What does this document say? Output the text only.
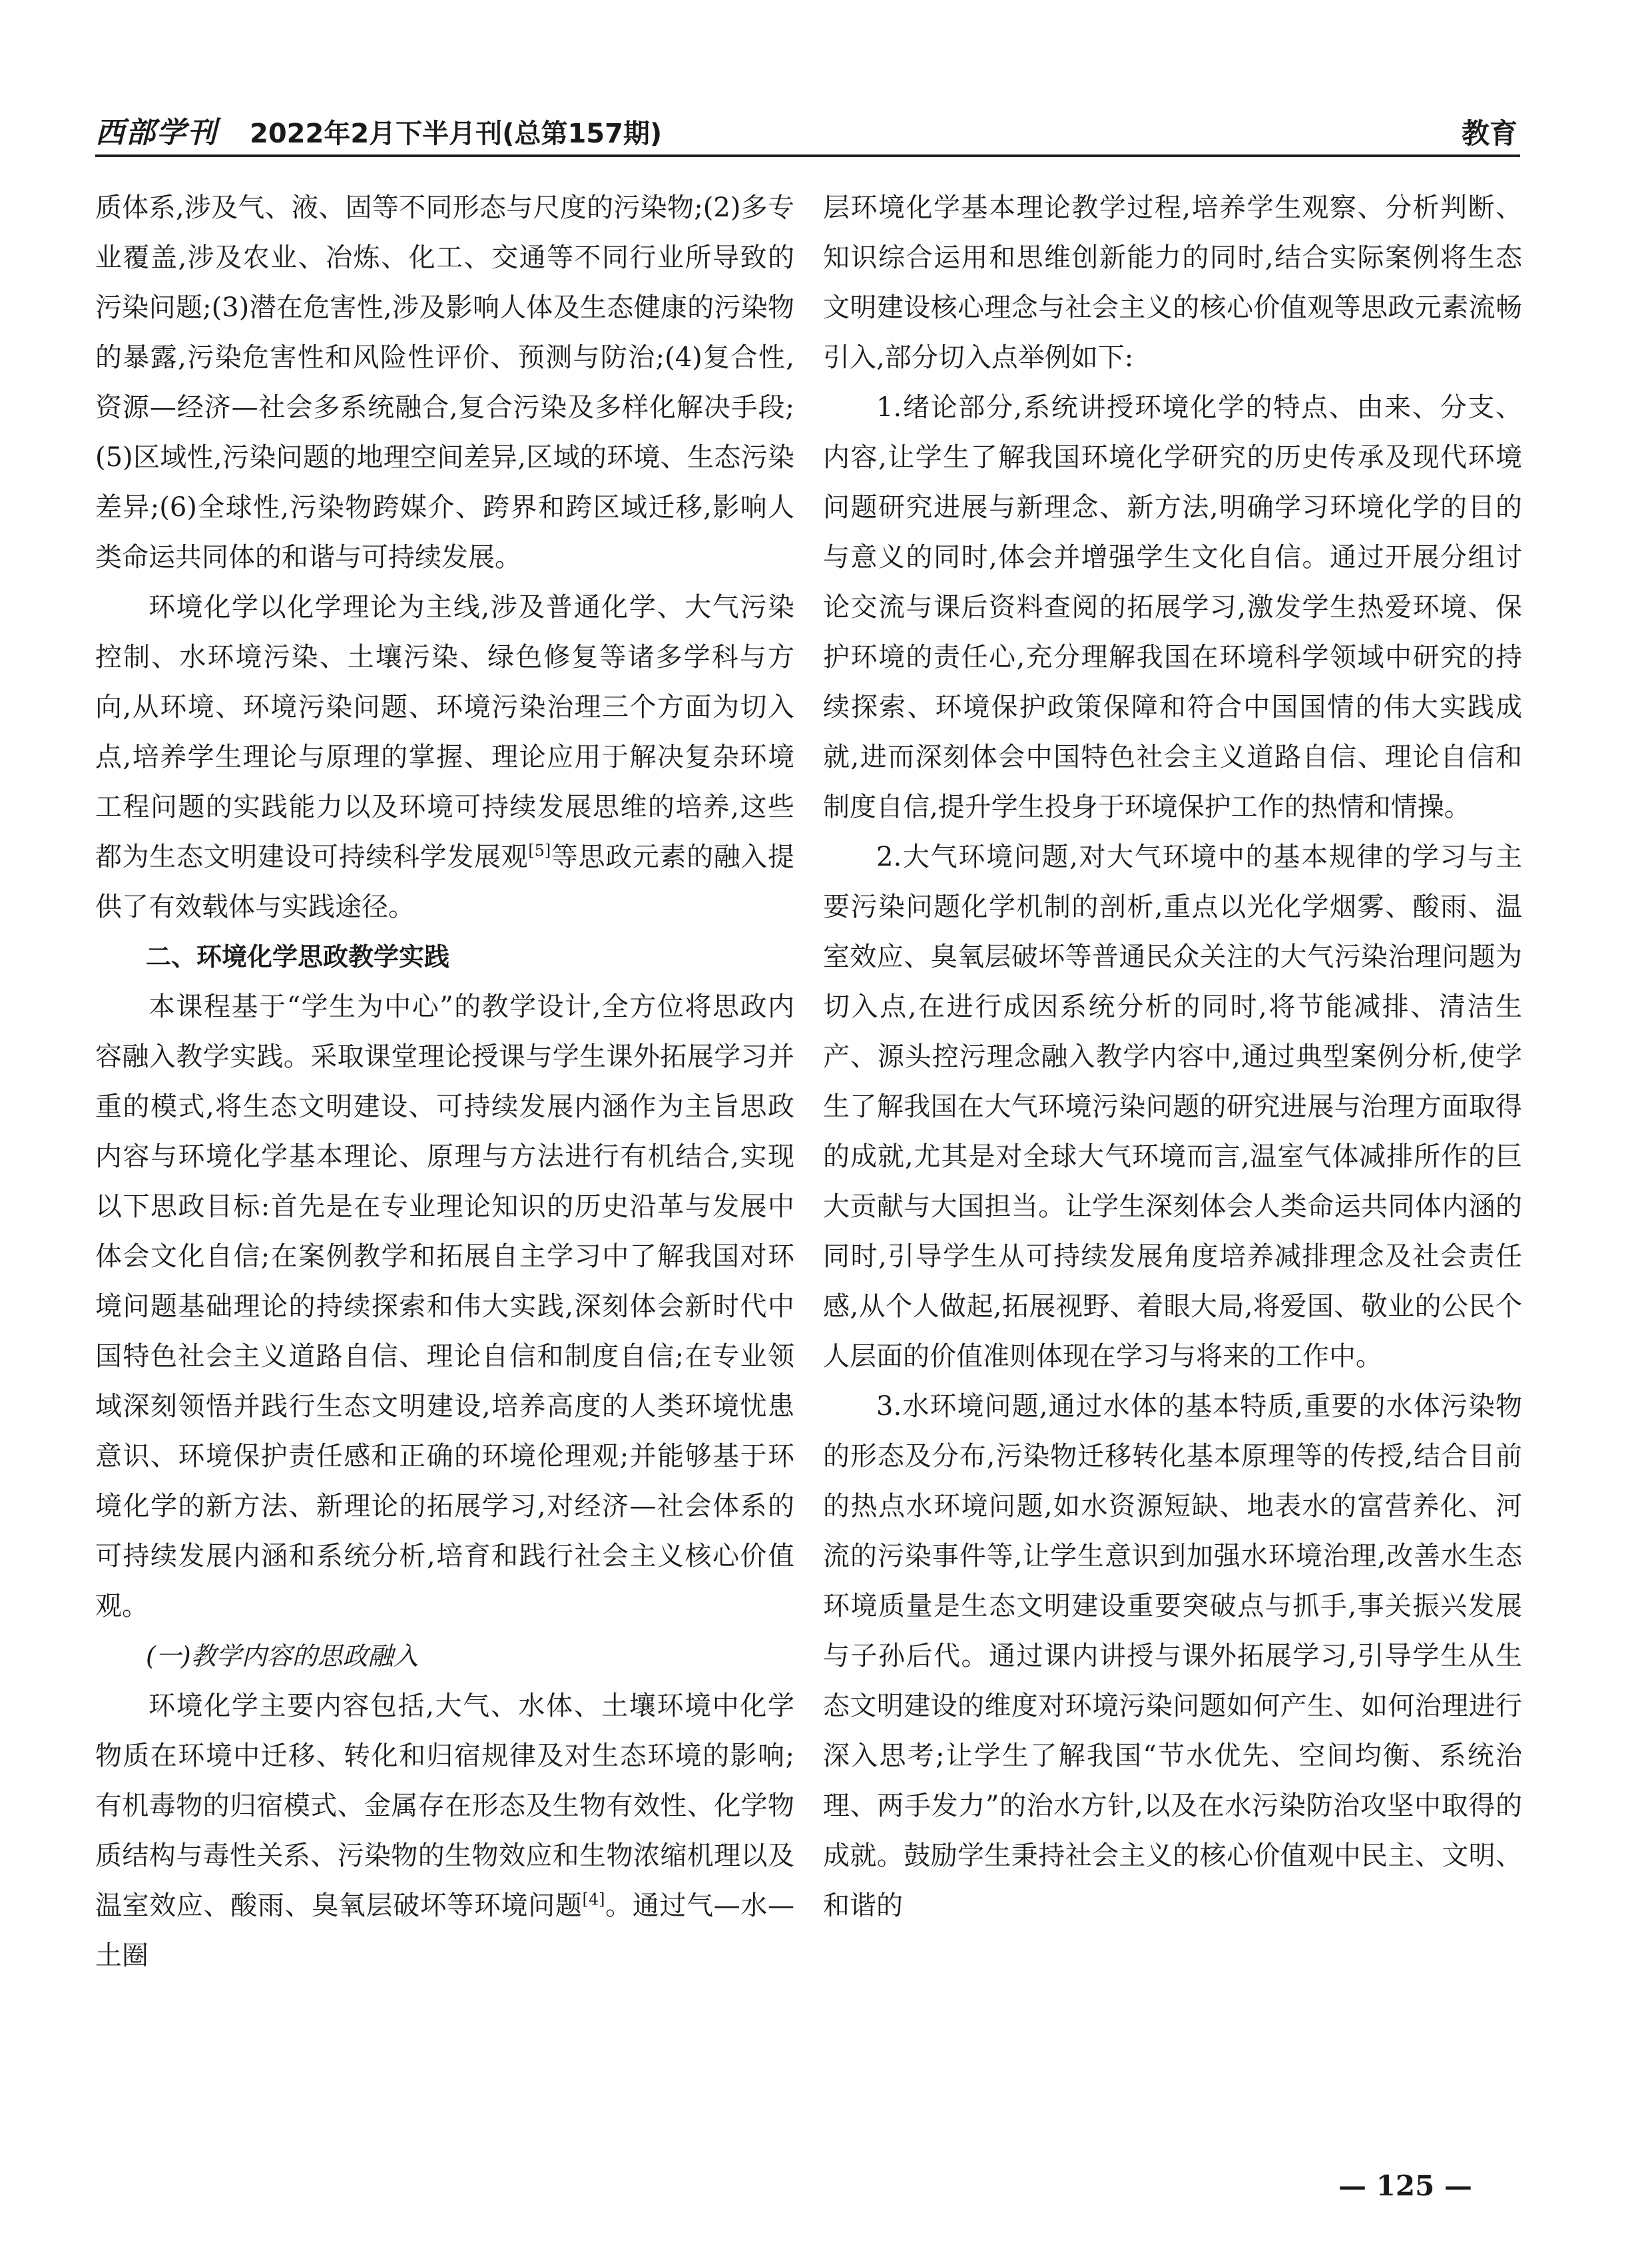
西部学刊 2022年2月下半月刊(总第157期)	教育

质体系,涉及气、液、固等不同形态与尺度的污染物;(2)多专业覆盖,涉及农业、冶炼、化工、交通等不同行业所导致的污染问题;(3)潜在危害性,涉及影响人体及生态健康的污染物的暴露,污染危害性和风险性评价、预测与防治;(4)复合性,资源—经济—社会多系统融合,复合污染及多样化解决手段;(5)区域性,污染问题的地理空间差异,区域的环境、生态污染差异;(6)全球性,污染物跨媒介、跨界和跨区域迁移,影响人类命运共同体的和谐与可持续发展。

环境化学以化学理论为主线,涉及普通化学、大气污染控制、水环境污染、土壤污染、绿色修复等诸多学科与方向,从环境、环境污染问题、环境污染治理三个方面为切入点,培养学生理论与原理的掌握、理论应用于解决复杂环境工程问题的实践能力以及环境可持续发展思维的培养,这些都为生态文明建设可持续科学发展观[5]等思政元素的融入提供了有效载体与实践途径。

二、环境化学思政教学实践

本课程基于“学生为中心”的教学设计,全方位将思政内容融入教学实践。采取课堂理论授课与学生课外拓展学习并重的模式,将生态文明建设、可持续发展内涵作为主旨思政内容与环境化学基本理论、原理与方法进行有机结合,实现以下思政目标:首先是在专业理论知识的历史沿革与发展中体会文化自信;在案例教学和拓展自主学习中了解我国对环境问题基础理论的持续探索和伟大实践,深刻体会新时代中国特色社会主义道路自信、理论自信和制度自信;在专业领域深刻领悟并践行生态文明建设,培养高度的人类环境忧患意识、环境保护责任感和正确的环境伦理观;并能够基于环境化学的新方法、新理论的拓展学习,对经济—社会体系的可持续发展内涵和系统分析,培育和践行社会主义核心价值观。

(一)教学内容的思政融入

环境化学主要内容包括,大气、水体、土壤环境中化学物质在环境中迁移、转化和归宿规律及对生态环境的影响;有机毒物的归宿模式、金属存在形态及生物有效性、化学物质结构与毒性关系、污染物的生物效应和生物浓缩机理以及温室效应、酸雨、臭氧层破坏等环境问题[4]。通过气—水—土圈

层环境化学基本理论教学过程,培养学生观察、分析判断、知识综合运用和思维创新能力的同时,结合实际案例将生态文明建设核心理念与社会主义的核心价值观等思政元素流畅引入,部分切入点举例如下:

1.绪论部分,系统讲授环境化学的特点、由来、分支、内容,让学生了解我国环境化学研究的历史传承及现代环境问题研究进展与新理念、新方法,明确学习环境化学的目的与意义的同时,体会并增强学生文化自信。通过开展分组讨论交流与课后资料查阅的拓展学习,激发学生热爱环境、保护环境的责任心,充分理解我国在环境科学领域中研究的持续探索、环境保护政策保障和符合中国国情的伟大实践成就,进而深刻体会中国特色社会主义道路自信、理论自信和制度自信,提升学生投身于环境保护工作的热情和情操。

2.大气环境问题,对大气环境中的基本规律的学习与主要污染问题化学机制的剖析,重点以光化学烟雾、酸雨、温室效应、臭氧层破坏等普通民众关注的大气污染治理问题为切入点,在进行成因系统分析的同时,将节能减排、清洁生产、源头控污理念融入教学内容中,通过典型案例分析,使学生了解我国在大气环境污染问题的研究进展与治理方面取得的成就,尤其是对全球大气环境而言,温室气体减排所作的巨大贡献与大国担当。让学生深刻体会人类命运共同体内涵的同时,引导学生从可持续发展角度培养减排理念及社会责任感,从个人做起,拓展视野、着眼大局,将爱国、敬业的公民个人层面的价值准则体现在学习与将来的工作中。

3.水环境问题,通过水体的基本特质,重要的水体污染物的形态及分布,污染物迁移转化基本原理等的传授,结合目前的热点水环境问题,如水资源短缺、地表水的富营养化、河流的污染事件等,让学生意识到加强水环境治理,改善水生态环境质量是生态文明建设重要突破点与抓手,事关振兴发展与子孙后代。通过课内讲授与课外拓展学习,引导学生从生态文明建设的维度对环境污染问题如何产生、如何治理进行深入思考;让学生了解我国“节水优先、空间均衡、系统治理、两手发力”的治水方针,以及在水污染防治攻坚中取得的成就。鼓励学生秉持社会主义的核心价值观中民主、文明、和谐的

— 125 —
